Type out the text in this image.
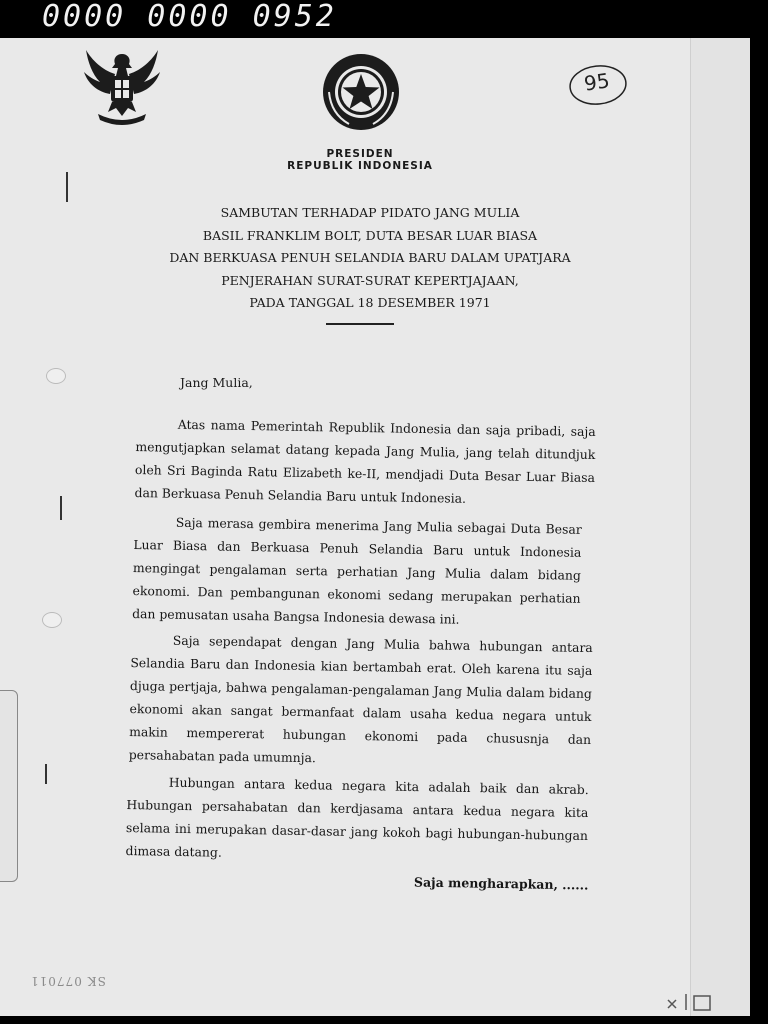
0000 0000 0952
95
PRESIDEN
REPUBLIK INDONESIA
SAMBUTAN TERHADAP PIDATO JANG MULIA
BASIL FRANKLIM BOLT, DUTA BESAR LUAR BIASA
DAN BERKUASA PENUH SELANDIA BARU DALAM UPATJARA
PENJERAHAN SURAT-SURAT KEPERTJAJAAN,
PADA TANGGAL 18 DESEMBER 1971
Jang Mulia,
Atas nama Pemerintah Republik Indonesia dan saja pribadi, saja mengutjapkan selamat datang kepada Jang Mulia, jang telah ditundjuk oleh Sri Baginda Ratu Elizabeth ke-II, mendjadi Duta Besar Luar Biasa dan Berkuasa Penuh Selandia Baru untuk Indonesia.
Saja merasa gembira menerima Jang Mulia sebagai Duta Besar Luar Biasa dan Berkuasa Penuh Selandia Baru untuk Indonesia mengingat pengalaman serta perhatian Jang Mulia dalam bidang ekonomi. Dan pembangunan ekonomi sedang merupakan perhatian dan pemusatan usaha Bangsa Indonesia dewasa ini.
Saja sependapat dengan Jang Mulia bahwa hubungan antara Selandia Baru dan Indonesia kian bertambah erat. Oleh karena itu saja djuga pertjaja, bahwa pengalaman-pengalaman Jang Mulia dalam bidang ekonomi akan sangat bermanfaat dalam usaha kedua negara untuk makin mempererat hubungan ekonomi pada chususnja dan persahabatan pada umumnja.
Hubungan antara kedua negara kita adalah baik dan akrab. Hubungan persahabatan dan kerdjasama antara kedua negara kita selama ini merupakan dasar-dasar jang kokoh bagi hubungan-hubungan dimasa datang.
Saja mengharapkan, ......
SK 077011
